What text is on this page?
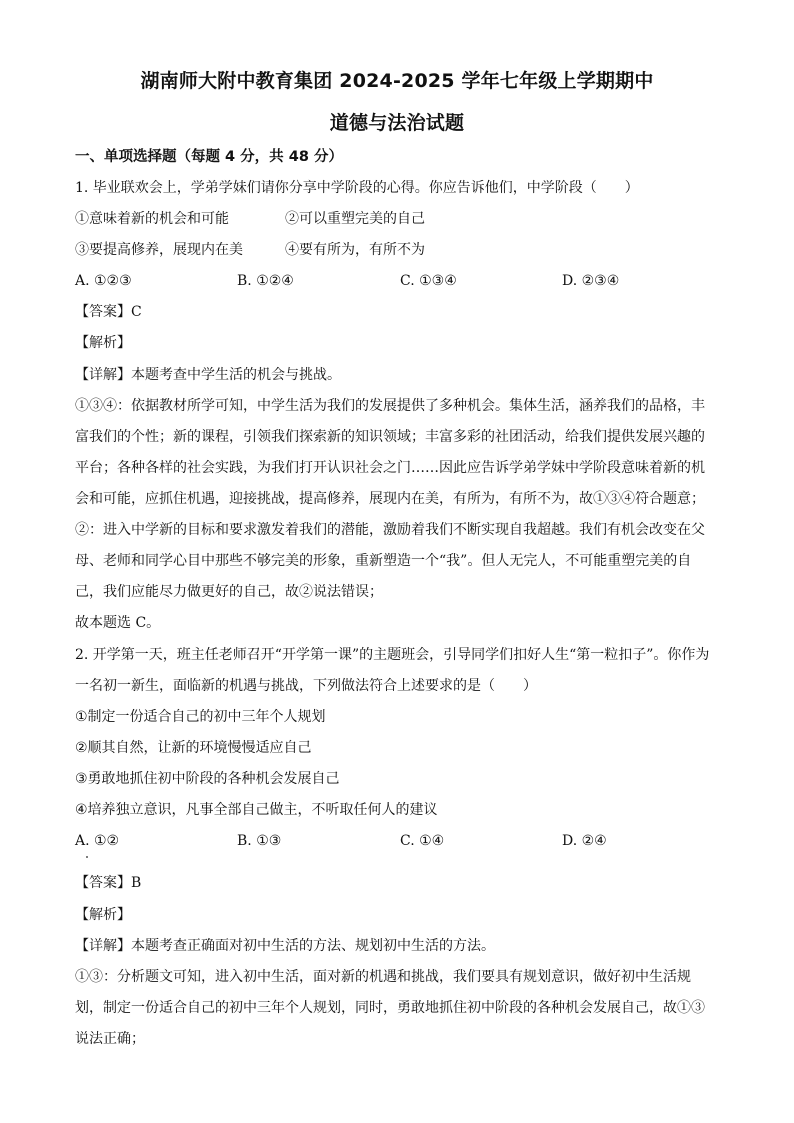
湖南师大附中教育集团 2024-2025 学年七年级上学期期中
道德与法治试题
一、单项选择题（每题 4 分，共 48 分）
1. 毕业联欢会上，学弟学妹们请你分享中学阶段的心得。你应告诉他们，中学阶段（　　）
①意味着新的机会和可能　　　　②可以重塑完美的自己
③要提高修养，展现内在美　　　④要有所为，有所不为
A. ①②③	B. ①②④	C. ①③④	D. ②③④
【答案】C
【解析】
【详解】本题考查中学生活的机会与挑战。
①③④：依据教材所学可知，中学生活为我们的发展提供了多种机会。集体生活，涵养我们的品格，丰
富我们的个性；新的课程，引领我们探索新的知识领域；丰富多彩的社团活动，给我们提供发展兴趣的
平台；各种各样的社会实践，为我们打开认识社会之门……因此应告诉学弟学妹中学阶段意味着新的机
会和可能，应抓住机遇，迎接挑战，提高修养，展现内在美，有所为，有所不为，故①③④符合题意；
②：进入中学新的目标和要求激发着我们的潜能，激励着我们不断实现自我超越。我们有机会改变在父
母、老师和同学心目中那些不够完美的形象，重新塑造一个“我”。但人无完人，不可能重塑完美的自
己，我们应能尽力做更好的自己，故②说法错误；
故本题选 C。
2. 开学第一天，班主任老师召开“开学第一课”的主题班会，引导同学们扣好人生“第一粒扣子”。你作为
一名初一新生，面临新的机遇与挑战，下列做法符合上述要求的是（　　）
①制定一份适合自己的初中三年个人规划
②顺其自然，让新的环境慢慢适应自己
③勇敢地抓住初中阶段的各种机会发展自己
④培养独立意识，凡事全部自己做主，不听取任何人的建议
A. ①②	B. ①③	C. ①④	D. ②④
【答案】B
【解析】
【详解】本题考查正确面对初中生活的方法、规划初中生活的方法。
①③：分析题文可知，进入初中生活，面对新的机遇和挑战，我们要具有规划意识，做好初中生活规
划，制定一份适合自己的初中三年个人规划，同时，勇敢地抓住初中阶段的各种机会发展自己，故①③
说法正确；
